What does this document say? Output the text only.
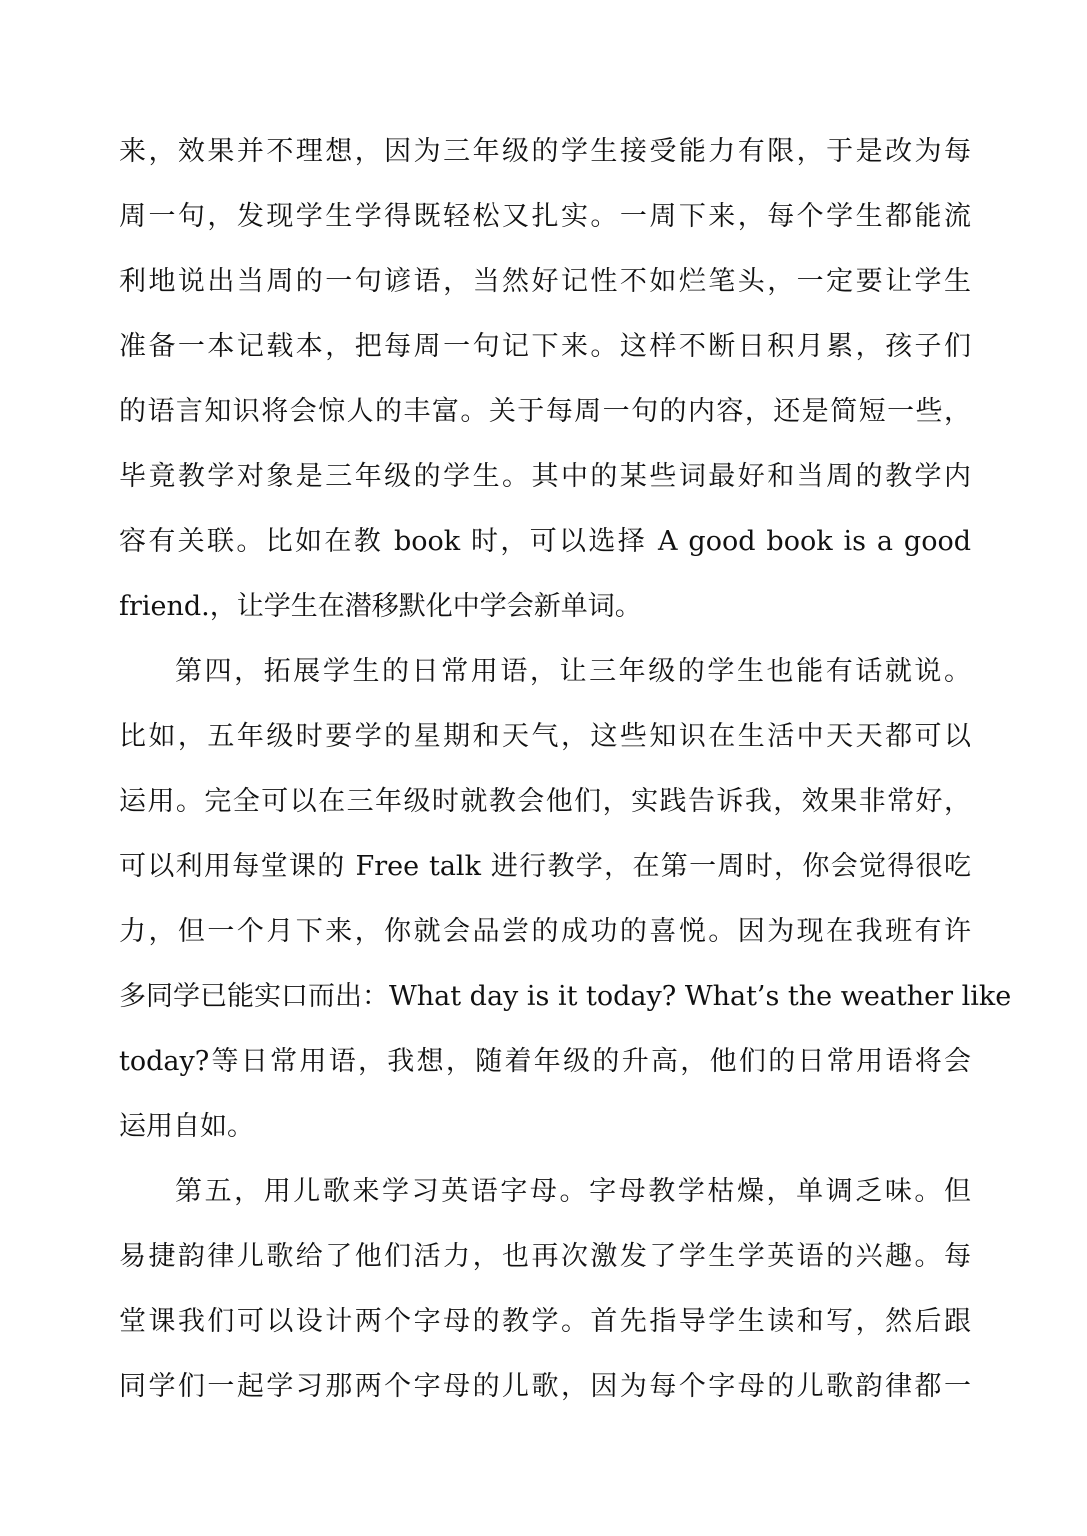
来，效果并不理想，因为三年级的学生接受能力有限，于是改为每
周一句，发现学生学得既轻松又扎实。一周下来，每个学生都能流
利地说出当周的一句谚语，当然好记性不如烂笔头，一定要让学生
准备一本记载本，把每周一句记下来。这样不断日积月累，孩子们
的语言知识将会惊人的丰富。关于每周一句的内容，还是简短一些，
毕竟教学对象是三年级的学生。其中的某些词最好和当周的教学内
容有关联。比如在教 book 时，可以选择 A good book is a good
friend.，让学生在潜移默化中学会新单词。
第四，拓展学生的日常用语，让三年级的学生也能有话就说。
比如，五年级时要学的星期和天气，这些知识在生活中天天都可以
运用。完全可以在三年级时就教会他们，实践告诉我，效果非常好，
可以利用每堂课的 Free talk 进行教学，在第一周时，你会觉得很吃
力，但一个月下来，你就会品尝的成功的喜悦。因为现在我班有许
多同学已能实口而出：What day is it today? What’s the weather like
today?等日常用语，我想，随着年级的升高，他们的日常用语将会
运用自如。
第五，用儿歌来学习英语字母。字母教学枯燥，单调乏味。但
易捷韵律儿歌给了他们活力，也再次激发了学生学英语的兴趣。每
堂课我们可以设计两个字母的教学。首先指导学生读和写，然后跟
同学们一起学习那两个字母的儿歌，因为每个字母的儿歌韵律都一
